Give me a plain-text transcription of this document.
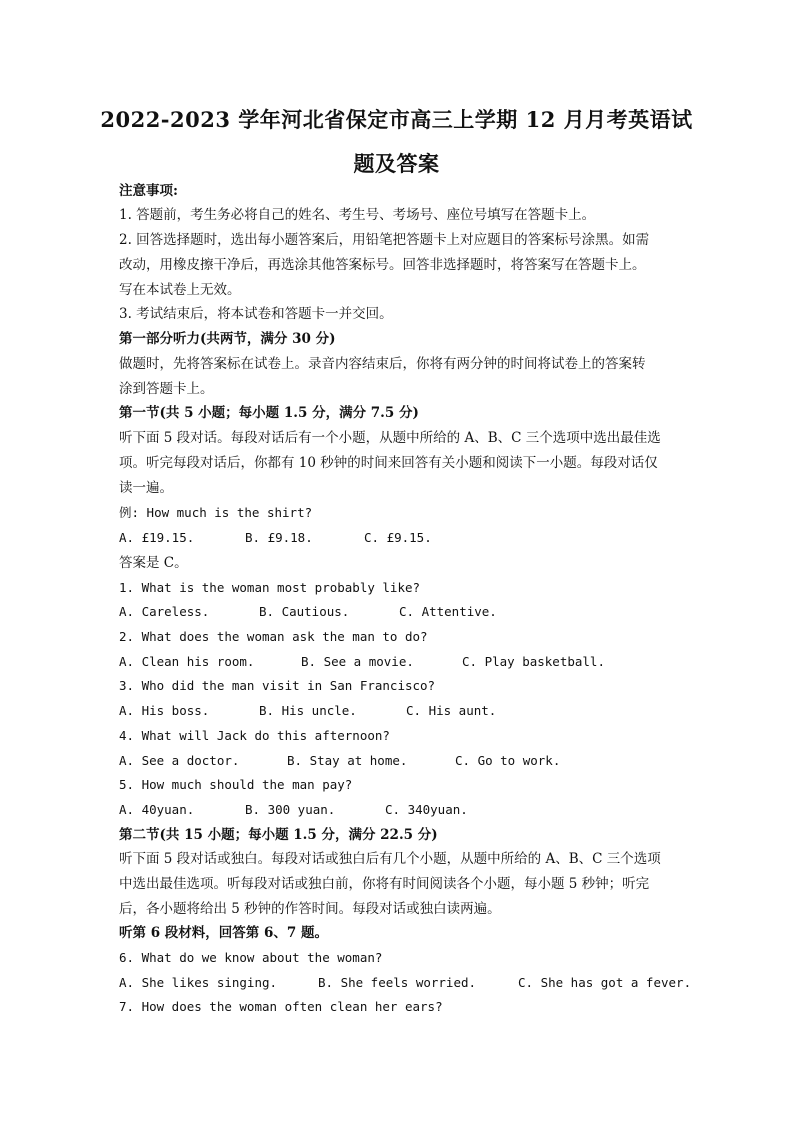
2022-2023 学年河北省保定市高三上学期 12 月月考英语试
题及答案
注意事项:
1. 答题前，考生务必将自己的姓名、考生号、考场号、座位号填写在答题卡上。
2. 回答选择题时，选出每小题答案后，用铅笔把答题卡上对应题目的答案标号涂黑。如需
改动，用橡皮擦干净后，再选涂其他答案标号。回答非选择题时，将答案写在答题卡上。
写在本试卷上无效。
3. 考试结束后，将本试卷和答题卡一并交回。
第一部分听力(共两节，满分 30 分)
做题时，先将答案标在试卷上。录音内容结束后，你将有两分钟的时间将试卷上的答案转
涂到答题卡上。
第一节(共 5 小题；每小题 1.5 分，满分 7.5 分)
听下面 5 段对话。每段对话后有一个小题，从题中所给的 A、B、C 三个选项中选出最佳选
项。听完每段对话后，你都有 10 秒钟的时间来回答有关小题和阅读下一小题。每段对话仅
读一遍。
例: How much is the shirt?
A. £19.15.	B. £9.18.	C. £9.15.
答案是 C。
1. What is the woman most probably like?
A. Careless.	B. Cautious.	C. Attentive.
2. What does the woman ask the man to do?
A. Clean his room.	B. See a movie.	C. Play basketball.
3. Who did the man visit in San Francisco?
A. His boss.	B. His uncle.	C. His aunt.
4. What will Jack do this afternoon?
A. See a doctor.	B. Stay at home.	C. Go to work.
5. How much should the man pay?
A. 40yuan.	B. 300 yuan.	C. 340yuan.
第二节(共 15 小题；每小题 1.5 分，满分 22.5 分)
听下面 5 段对话或独白。每段对话或独白后有几个小题，从题中所给的 A、B、C 三个选项
中选出最佳选项。听每段对话或独白前，你将有时间阅读各个小题，每小题 5 秒钟；听完
后，各小题将给出 5 秒钟的作答时间。每段对话或独白读两遍。
听第 6 段材料，回答第 6、7 题。
6. What do we know about the woman?
A. She likes singing.	B. She feels worried.	C. She has got a fever.
7. How does the woman often clean her ears?
